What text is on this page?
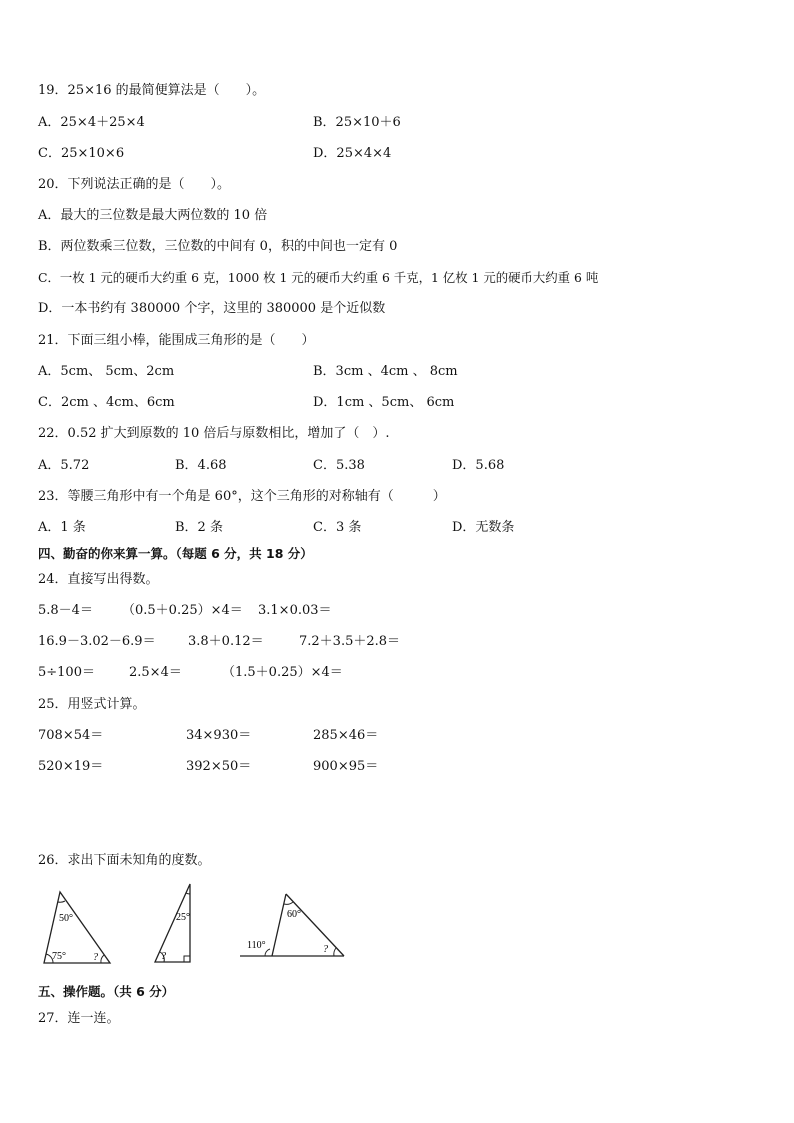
19．25×16 的最简便算法是（　　）。
A．25×4＋25×4	B．25×10＋6
C．25×10×6	D．25×4×4
20．下列说法正确的是（　　）。
A．最大的三位数是最大两位数的 10 倍
B．两位数乘三位数，三位数的中间有 0，积的中间也一定有 0
C．一枚 1 元的硬币大约重 6 克，1000 枚 1 元的硬币大约重 6 千克，1 亿枚 1 元的硬币大约重 6 吨
D．一本书约有 380000 个字，这里的 380000 是个近似数
21．下面三组小棒，能围成三角形的是（　　）
A．5cm、 5cm、2cm	B．3cm 、4cm 、 8cm
C．2cm 、4cm、6cm	D．1cm 、5cm、 6cm
22．0.52 扩大到原数的 10 倍后与原数相比，增加了（　）.
A．5.72	B．4.68	C．5.38	D．5.68
23．等腰三角形中有一个角是 60°，这个三角形的对称轴有（　　　）
A．1 条	B．2 条	C．3 条	D．无数条
四、勤奋的你来算一算。（每题 6 分，共 18 分）
24．直接写出得数。
5.8－4＝ （0.5＋0.25）×4＝ 3.1×0.03＝
16.9－3.02－6.9＝ 3.8＋0.12＝	7.2＋3.5＋2.8＝
5÷100＝	2.5×4＝	（1.5＋0.25）×4＝
25．用竖式计算。
708×54＝	34×930＝	285×46＝
520×19＝	392×50＝	900×95＝
26．求出下面未知角的度数。
50°
75°	?
25°
?
60°
110°	?
五、操作题。（共 6 分）
27．连一连。
